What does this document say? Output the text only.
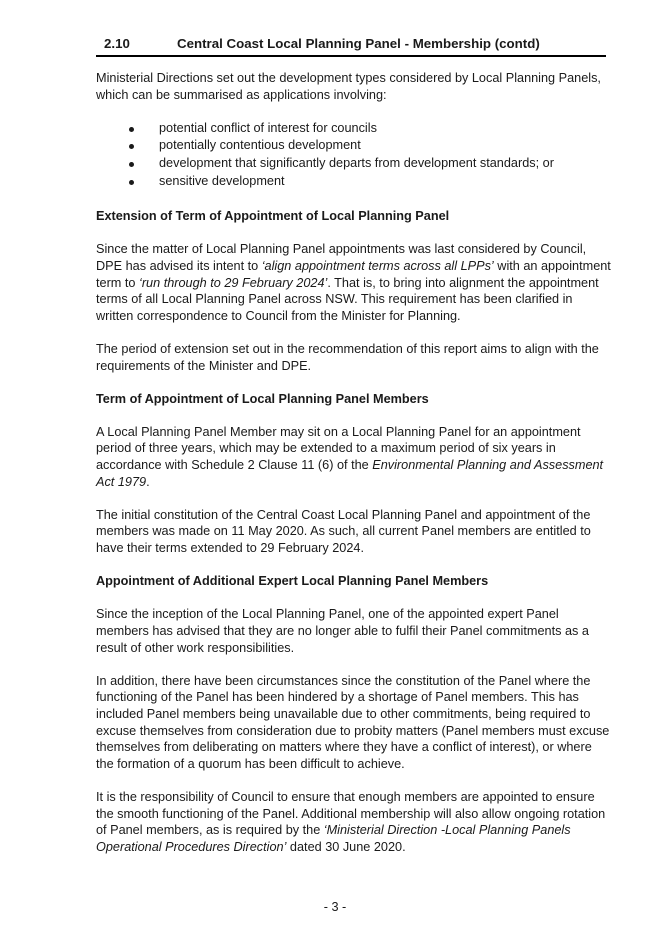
2.10	Central Coast Local Planning Panel - Membership (contd)

Ministerial Directions set out the development types considered by Local Planning Panels, which can be summarised as applications involving:

potential conflict of interest for councils
potentially contentious development
development that significantly departs from development standards; or
sensitive development

Extension of Term of Appointment of Local Planning Panel

Since the matter of Local Planning Panel appointments was last considered by Council, DPE has advised its intent to ‘align appointment terms across all LPPs’ with an appointment term to ‘run through to 29 February 2024’. That is, to bring into alignment the appointment terms of all Local Planning Panel across NSW. This requirement has been clarified in written correspondence to Council from the Minister for Planning.

The period of extension set out in the recommendation of this report aims to align with the requirements of the Minister and DPE.

Term of Appointment of Local Planning Panel Members

A Local Planning Panel Member may sit on a Local Planning Panel for an appointment period of three years, which may be extended to a maximum period of six years in accordance with Schedule 2 Clause 11 (6) of the Environmental Planning and Assessment Act 1979.

The initial constitution of the Central Coast Local Planning Panel and appointment of the members was made on 11 May 2020. As such, all current Panel members are entitled to have their terms extended to 29 February 2024.

Appointment of Additional Expert Local Planning Panel Members

Since the inception of the Local Planning Panel, one of the appointed expert Panel members has advised that they are no longer able to fulfil their Panel commitments as a result of other work responsibilities.

In addition, there have been circumstances since the constitution of the Panel where the functioning of the Panel has been hindered by a shortage of Panel members. This has included Panel members being unavailable due to other commitments, being required to excuse themselves from consideration due to probity matters (Panel members must excuse themselves from deliberating on matters where they have a conflict of interest), or where the formation of a quorum has been difficult to achieve.

It is the responsibility of Council to ensure that enough members are appointed to ensure the smooth functioning of the Panel. Additional membership will also allow ongoing rotation of Panel members, as is required by the ‘Ministerial Direction -Local Planning Panels Operational Procedures Direction’ dated 30 June 2020.

- 3 -
